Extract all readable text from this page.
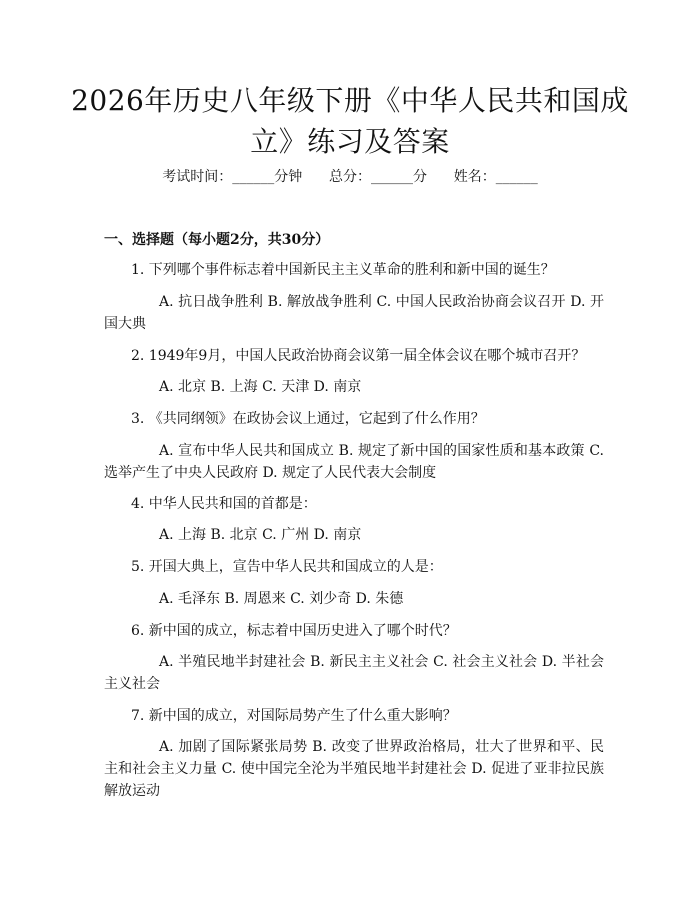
2026年历史八年级下册《中华人民共和国成立》练习及答案
考试时间：______分钟      总分：______分      姓名：______
一、选择题（每小题2分，共30分）

1. 下列哪个事件标志着中国新民主主义革命的胜利和新中国的诞生？

A. 抗日战争胜利 B. 解放战争胜利 C. 中国人民政治协商会议召开 D. 开国大典

2. 1949年9月，中国人民政治协商会议第一届全体会议在哪个城市召开？

A. 北京 B. 上海 C. 天津 D. 南京

3. 《共同纲领》在政协会议上通过，它起到了什么作用？

A. 宣布中华人民共和国成立 B. 规定了新中国的国家性质和基本政策 C. 选举产生了中央人民政府 D. 规定了人民代表大会制度

4. 中华人民共和国的首都是：

A. 上海 B. 北京 C. 广州 D. 南京

5. 开国大典上，宣告中华人民共和国成立的人是：

A. 毛泽东 B. 周恩来 C. 刘少奇 D. 朱德

6. 新中国的成立，标志着中国历史进入了哪个时代？

A. 半殖民地半封建社会 B. 新民主主义社会 C. 社会主义社会 D. 半社会主义社会

7. 新中国的成立，对国际局势产生了什么重大影响？

A. 加剧了国际紧张局势 B. 改变了世界政治格局，壮大了世界和平、民主和社会主义力量 C. 使中国完全沦为半殖民地半封建社会 D. 促进了亚非拉民族解放运动
